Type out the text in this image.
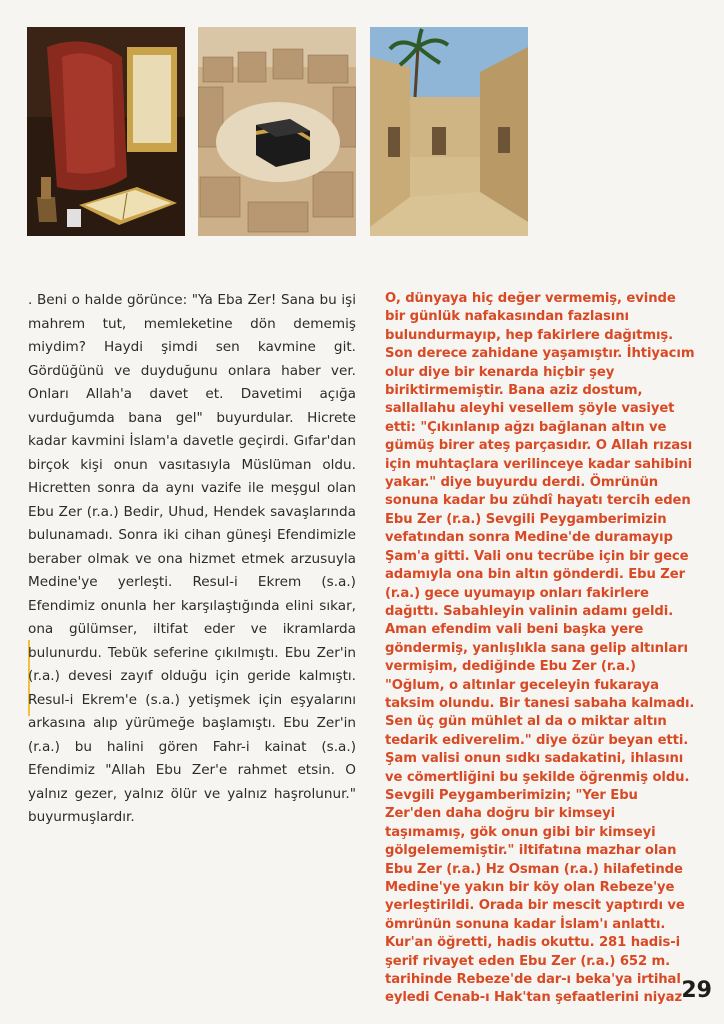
. Beni o halde görünce: "Ya Eba Zer! Sana bu işi mahrem tut, memleketine dön dememiş miydim? Haydi şimdi sen kavmine git. Gördüğünü ve duyduğunu onlara haber ver. Onları Allah'a davet et. Davetimi açığa vurduğumda bana gel" buyurdular. Hicrete kadar kavmini İslam'a davetle geçirdi. Gıfar'dan birçok kişi onun vasıtasıyla Müslüman oldu. Hicretten sonra da aynı vazife ile meşgul olan Ebu Zer (r.a.) Bedir, Uhud, Hendek savaşlarında bulunamadı. Sonra iki cihan güneşi Efendimizle beraber olmak ve ona hizmet etmek arzusuyla Medine'ye yerleşti. Resul-i Ekrem (s.a.) Efendimiz onunla her karşılaştığında elini sıkar, ona gülümser, iltifat eder ve ikramlarda bulunurdu. Tebük seferine çıkılmıştı. Ebu Zer'in (r.a.) devesi zayıf olduğu için geride kalmıştı. Resul-i Ekrem'e (s.a.) yetişmek için eşyalarını arkasına alıp yürümeğe başlamıştı. Ebu Zer'in (r.a.) bu halini gören Fahr-i kainat (s.a.) Efendimiz "Allah Ebu Zer'e rahmet etsin. O yalnız gezer, yalnız ölür ve yalnız haşrolunur." buyurmuşlardır.

O, dünyaya hiç değer vermemiş, evinde bir günlük nafakasından fazlasını bulundurmayıp, hep fakirlere dağıtmış. Son derece zahidane yaşamıştır. İhtiyacım olur diye bir kenarda hiçbir şey biriktirmemiştir. Bana aziz dostum, sallallahu aleyhi vesellem şöyle vasiyet etti: "Çıkınlanıp ağzı bağlanan altın ve gümüş birer ateş parçasıdır. O Allah rızası için muhtaçlara verilinceye kadar sahibini yakar." diye buyurdu derdi. Ömrünün sonuna kadar bu zühdî hayatı tercih eden Ebu Zer (r.a.) Sevgili Peygamberimizin vefatından sonra Medine'de duramayıp Şam'a gitti. Vali onu tecrübe için bir gece adamıyla ona bin altın gönderdi. Ebu Zer (r.a.) gece uyumayıp onları fakirlere dağıttı. Sabahleyin valinin adamı geldi. Aman efendim vali beni başka yere göndermiş, yanlışlıkla sana gelip altınları vermişim, dediğinde Ebu Zer (r.a.) "Oğlum, o altınlar geceleyin fukaraya taksim olundu. Bir tanesi sabaha kalmadı. Sen üç gün mühlet al da o miktar altın tedarik ediverelim." diye özür beyan etti. Şam valisi onun sıdkı sadakatini, ihlasını ve cömertliğini bu şekilde öğrenmiş oldu. Sevgili Peygamberimizin; "Yer Ebu Zer'den daha doğru bir kimseyi taşımamış, gök onun gibi bir kimseyi gölgelememiştir." iltifatına mazhar olan Ebu Zer (r.a.) Hz Osman (r.a.) hilafetinde Medine'ye yakın bir köy olan Rebeze'ye yerleştirildi. Orada bir mescit yaptırdı ve ömrünün sonuna kadar İslam'ı anlattı. Kur'an öğretti, hadis okuttu. 281 hadis-i şerif rivayet eden Ebu Zer (r.a.) 652 m. tarihinde Rebeze'de dar-ı beka'ya irtihal eyledi Cenab-ı Hak'tan şefaatlerini niyaz 29
